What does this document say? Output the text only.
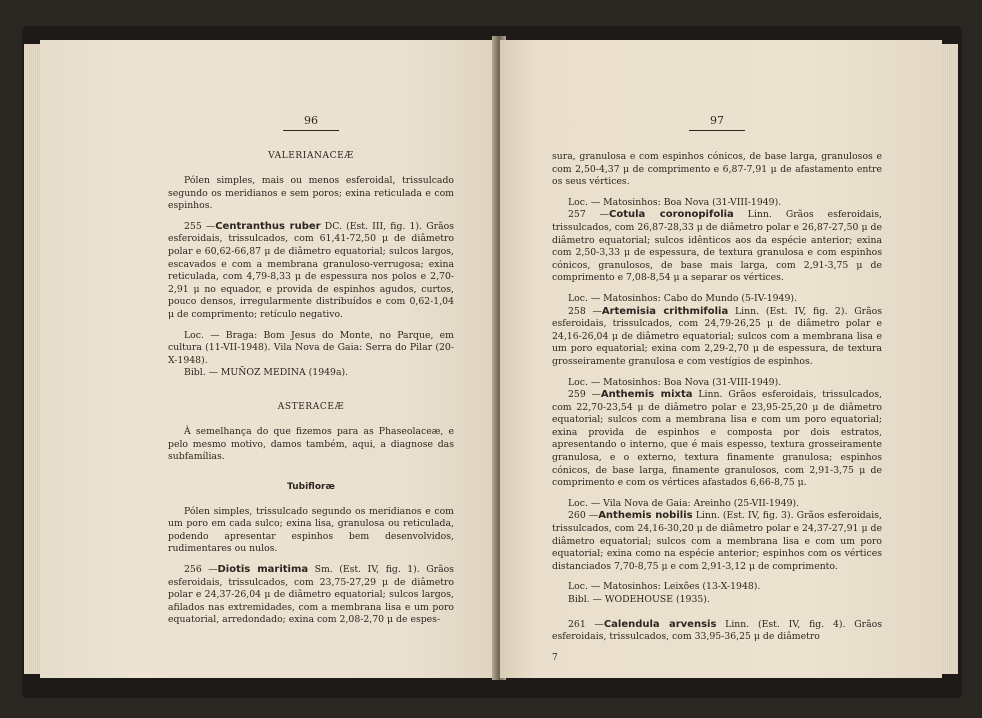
96
VALERIANACEÆ

Pólen simples, mais ou menos esferoidal, trissulcado segundo os meridianos e sem poros; exina reticulada e com espinhos.

255 —Centranthus ruber DC. (Est. III, fig. 1). Grãos esferoidais, trissulcados, com 61,41-72,50 μ de diâmetro polar e 60,62-66,87 μ de diâmetro equatorial; sulcos largos, escavados e com a membrana granuloso-verrugosa; exina reticulada, com 4,79-8,33 μ de espessura nos polos e 2,70-2,91 μ no equador, e provida de espinhos agudos, curtos, pouco densos, irregularmente distribuídos e com 0,62-1,04 μ de comprimento; retículo negativo.

Loc. — Braga: Bom Jesus do Monte, no Parque, em cultura (11-VII-1948). Vila Nova de Gaia: Serra do Pilar (20-X-1948).

Bibl. — MUÑOZ MEDINA (1949a).

ASTERACEÆ

À semelhança do que fizemos para as Phaseolaceæ, e pelo mesmo motivo, damos também, aqui, a diagnose das subfamílias.

Tubifloræ

Pólen simples, trissulcado segundo os meridianos e com um poro em cada sulco; exina lisa, granulosa ou reticulada, podendo apresentar espinhos bem desenvolvidos, rudimentares ou nulos.

256 —Diotis maritima Sm. (Est. IV, fig. 1). Grãos esferoidais, trissulcados, com 23,75-27,29 μ de diâmetro polar e 24,37-26,04 μ de diâmetro equatorial; sulcos largos, afilados nas extremidades, com a membrana lisa e um poro equatorial, arredondado; exina com 2,08-2,70 μ de espes-

97

sura, granulosa e com espinhos cónicos, de base larga, granulosos e com 2,50-4,37 μ de comprimento e 6,87-7,91 μ de afastamento entre os seus vértices.

Loc. — Matosinhos: Boa Nova (31-VIII-1949).

257 —Cotula coronopifolia Linn. Grãos esferoidais, trissulcados, com 26,87-28,33 μ de diâmetro polar e 26,87-27,50 μ de diâmetro equatorial; sulcos idênticos aos da espécie anterior; exina com 2,50-3,33 μ de espessura, de textura granulosa e com espinhos cónicos, granulosos, de base mais larga, com 2,91-3,75 μ de comprimento e 7,08-8,54 μ a separar os vértices.

Loc. — Matosinhos: Cabo do Mundo (5-IV-1949).

258 —Artemisia crithmifolia Linn. (Est. IV, fig. 2). Grãos esferoidais, trissulcados, com 24,79-26,25 μ de diâmetro polar e 24,16-26,04 μ de diâmetro equatorial; sulcos com a membrana lisa e um poro equatorial; exina com 2,29-2,70 μ de espessura, de textura grosseiramente granulosa e com vestígios de espinhos.

Loc. — Matosinhos: Boa Nova (31-VIII-1949).

259 —Anthemis mixta Linn. Grãos esferoidais, trissulcados, com 22,70-23,54 μ de diâmetro polar e 23,95-25,20 μ de diâmetro equatorial; sulcos com a membrana lisa e com um poro equatorial; exina provida de espinhos e composta por dois estratos, apresentando o interno, que é mais espesso, textura grosseiramente granulosa, e o externo, textura finamente granulosa; espinhos cónicos, de base larga, finamente granulosos, com 2,91-3,75 μ de comprimento e com os vértices afastados 6,66-8,75 μ.

Loc. — Vila Nova de Gaia: Areinho (25-VII-1949).

260 —Anthemis nobilis Linn. (Est. IV, fig. 3). Grãos esferoidais, trissulcados, com 24,16-30,20 μ de diâmetro polar e 24,37-27,91 μ de diâmetro equatorial; sulcos com a membrana lisa e com um poro equatorial; exina como na espécie anterior; espinhos com os vértices distanciados 7,70-8,75 μ e com 2,91-3,12 μ de comprimento.

Loc. — Matosinhos: Leixões (13-X-1948).

Bibl. — WODEHOUSE (1935).

261 —Calendula arvensis Linn. (Est. IV, fig. 4). Grãos esferoidais, trissulcados, com 33,95-36,25 μ de diâmetro

7
